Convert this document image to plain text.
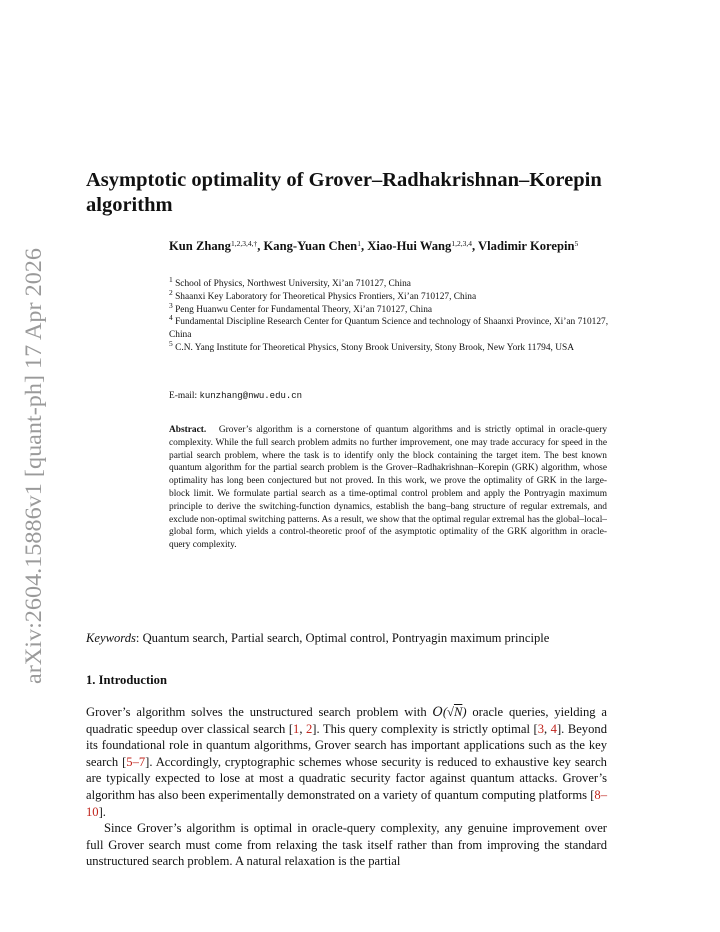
arXiv:2604.15886v1 [quant-ph] 17 Apr 2026
Asymptotic optimality of Grover–Radhakrishnan–Korepin algorithm

Kun Zhang$^{1,2,3,4,\dagger}$, Kang-Yuan Chen$^1$, Xiao-Hui Wang$^{1,2,3,4}$, Vladimir Korepin$^5$

$^1$ School of Physics, Northwest University, Xi’an 710127, China

$^2$ Shaanxi Key Laboratory for Theoretical Physics Frontiers, Xi’an 710127, China

$^3$ Peng Huanwu Center for Fundamental Theory, Xi’an 710127, China

$^4$ Fundamental Discipline Research Center for Quantum Science and technology of Shaanxi Province, Xi’an 710127, China

$^5$ C.N. Yang Institute for Theoretical Physics, Stony Brook University, Stony Brook, New York 11794, USA

E-mail: kunzhang@nwu.edu.cn

Abstract. Grover’s algorithm is a cornerstone of quantum algorithms and is strictly optimal in oracle-query complexity. While the full search problem admits no further improvement, one may trade accuracy for speed in the partial search problem, where the task is to identify only the block containing the target item. The best known quantum algorithm for the partial search problem is the Grover–Radhakrishnan–Korepin (GRK) algorithm, whose optimality has long been conjectured but not proved. In this work, we prove the optimality of GRK in the large-block limit. We formulate partial search as a time-optimal control problem and apply the Pontryagin maximum principle to derive the switching-function dynamics, establish the bang–bang structure of regular extremals, and exclude non-optimal switching patterns. As a result, we show that the optimal regular extremal has the global–local–global form, which yields a control-theoretic proof of the asymptotic optimality of the GRK algorithm in oracle-query complexity.

Keywords: Quantum search, Partial search, Optimal control, Pontryagin maximum principle

1. Introduction

Grover’s algorithm solves the unstructured search problem with O(√N) oracle queries, yielding a quadratic speedup over classical search [1, 2]. This query complexity is strictly optimal [3, 4]. Beyond its foundational role in quantum algorithms, Grover search has important applications such as the key search [5–7]. Accordingly, cryptographic schemes whose security is reduced to exhaustive key search are typically expected to lose at most a quadratic security factor against quantum attacks. Grover’s algorithm has also been experimentally demonstrated on a variety of quantum computing platforms [8–10].

Since Grover’s algorithm is optimal in oracle-query complexity, any genuine improvement over full Grover search must come from relaxing the task itself rather than from improving the standard unstructured search problem. A natural relaxation is the partial
